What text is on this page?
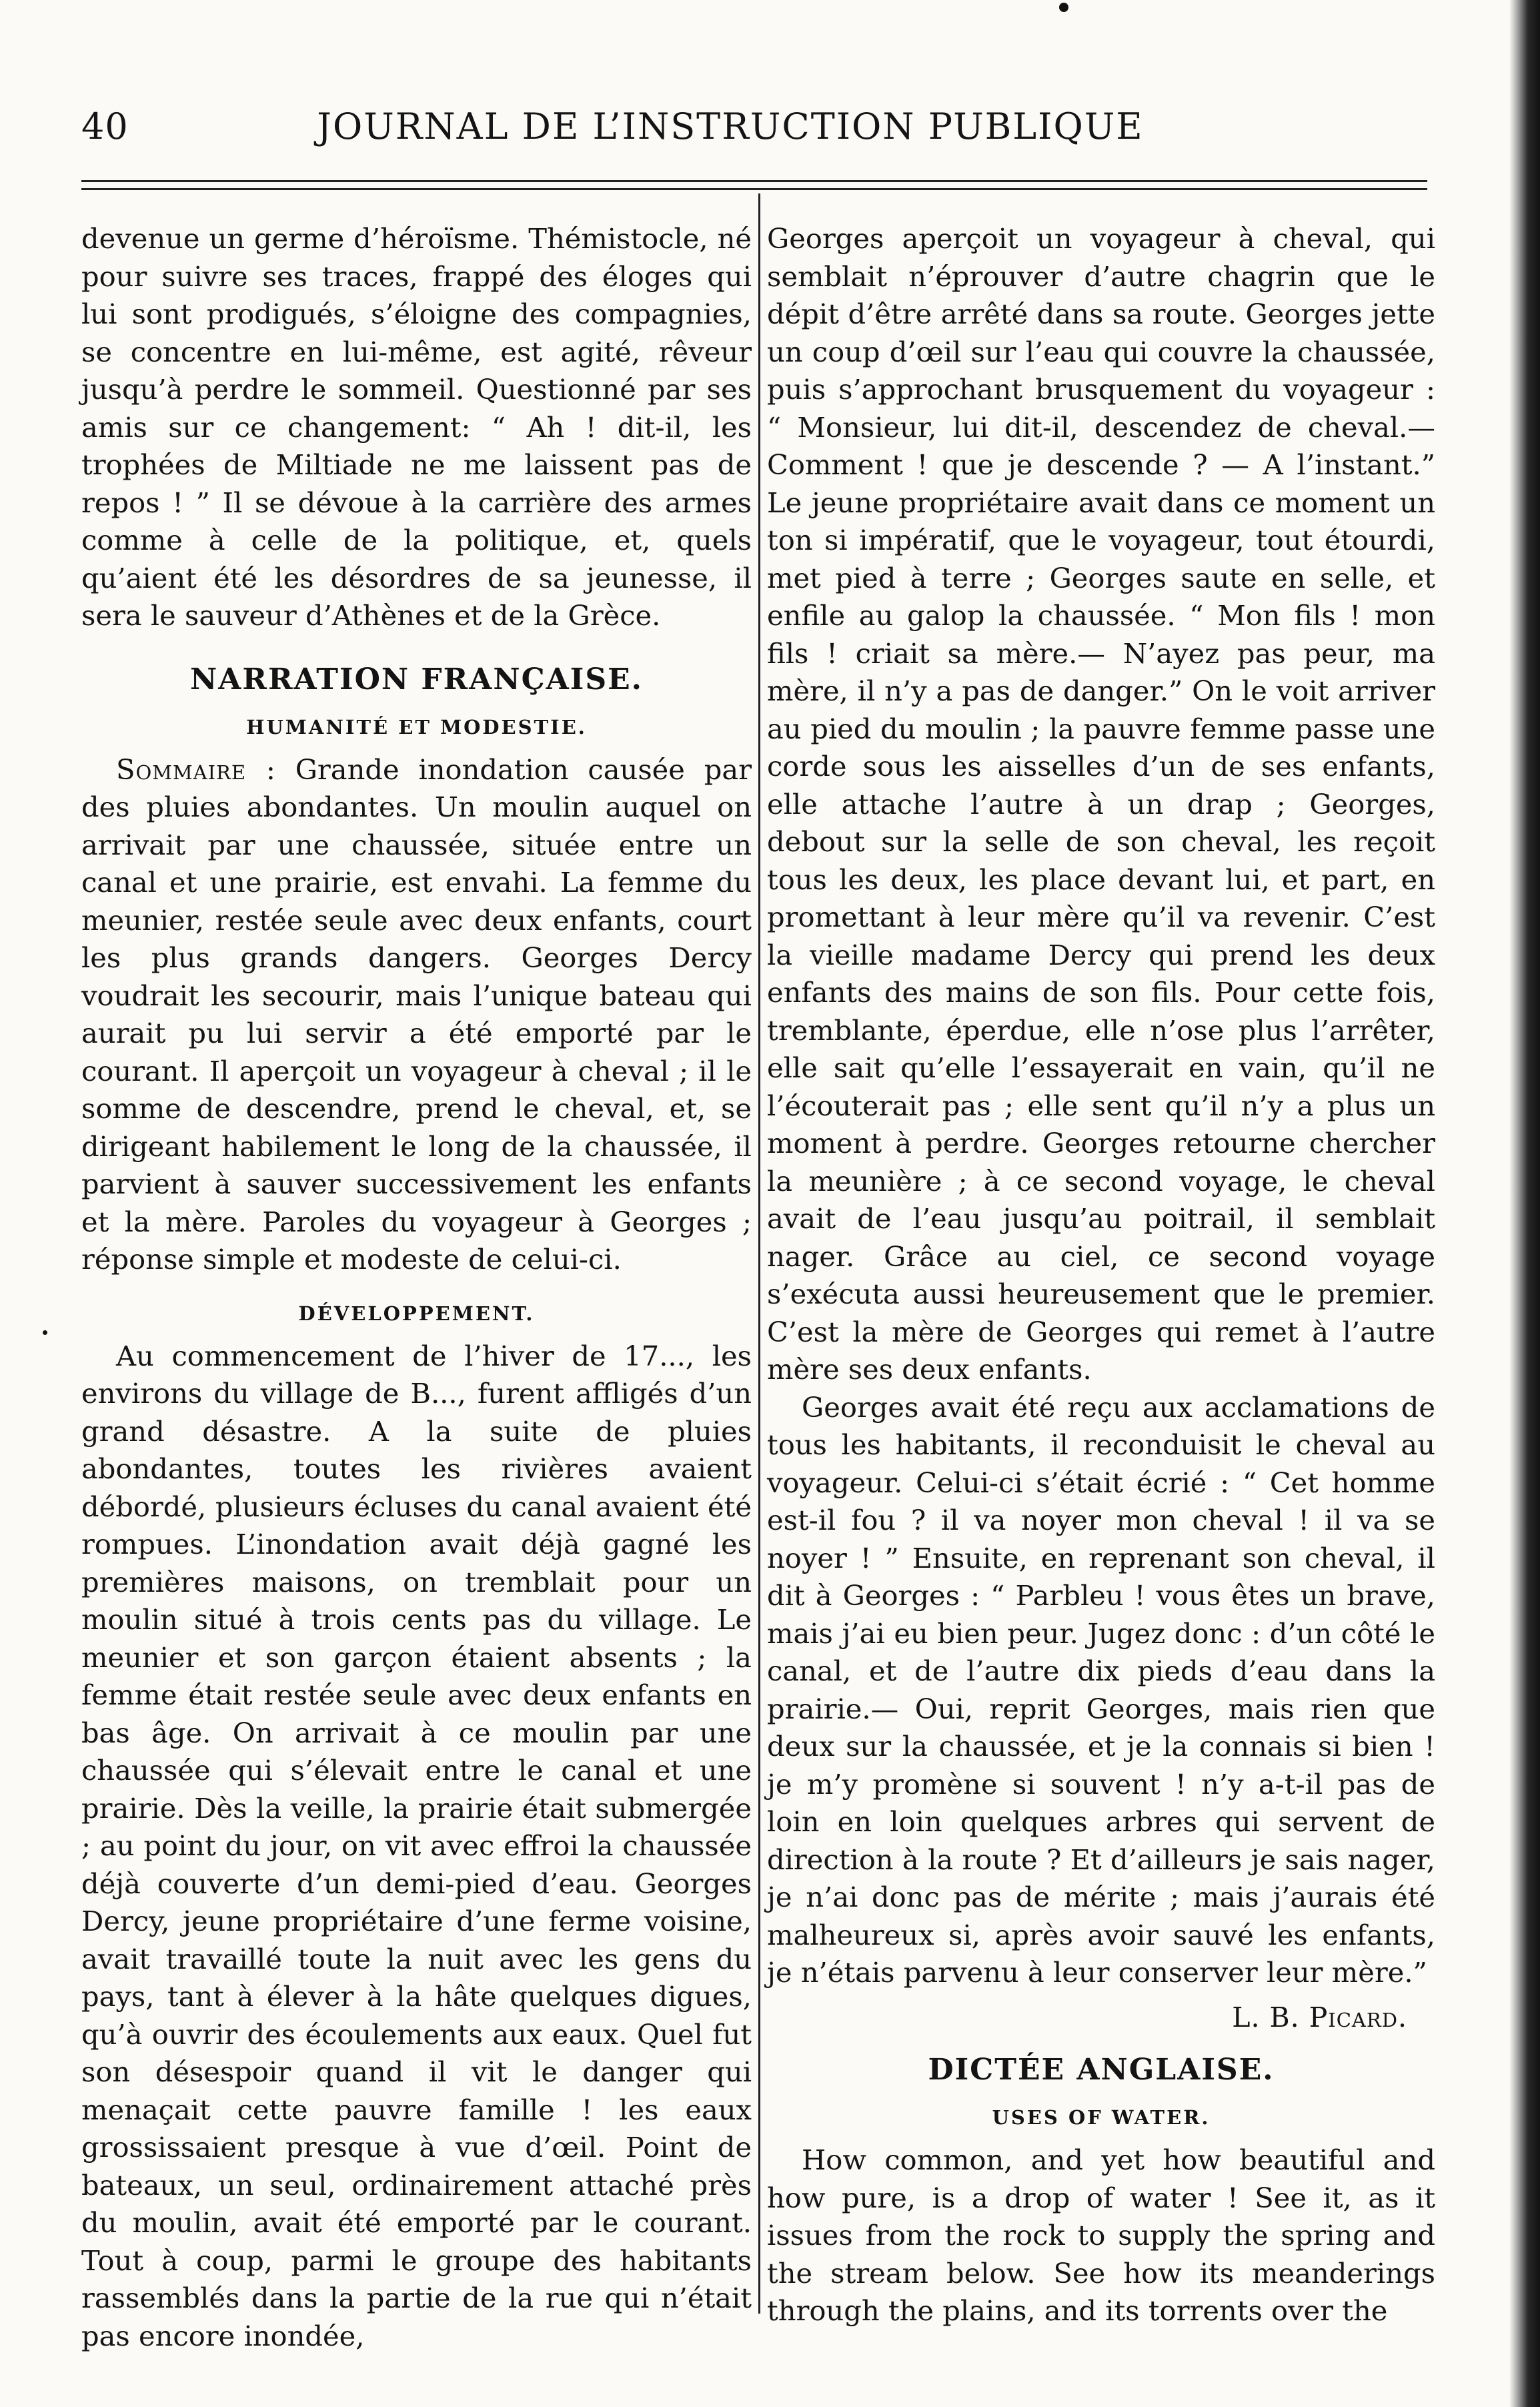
40	JOURNAL DE L’INSTRUCTION PUBLIQUE

devenue un germe d’héroïsme. Thémistocle, né pour suivre ses traces, frappé des éloges qui lui sont prodigués, s’éloigne des compagnies, se concentre en lui-même, est agité, rêveur jusqu’à perdre le sommeil. Questionné par ses amis sur ce changement: “ Ah ! dit-il, les trophées de Miltiade ne me laissent pas de repos ! ” Il se dévoue à la carrière des armes comme à celle de la politique, et, quels qu’aient été les désordres de sa jeunesse, il sera le sauveur d’Athènes et de la Grèce.

NARRATION FRANÇAISE.
HUMANITÉ ET MODESTIE.

Sommaire : Grande inondation causée par des pluies abondantes. Un moulin auquel on arrivait par une chaussée, située entre un canal et une prairie, est envahi. La femme du meunier, restée seule avec deux enfants, court les plus grands dangers. Georges Dercy voudrait les secourir, mais l’unique bateau qui aurait pu lui servir a été emporté par le courant. Il aperçoit un voyageur à cheval ; il le somme de descendre, prend le cheval, et, se dirigeant habilement le long de la chaussée, il parvient à sauver successivement les enfants et la mère. Paroles du voyageur à Georges ; réponse simple et modeste de celui-ci.

DÉVELOPPEMENT.

Au commencement de l’hiver de 17..., les environs du village de B..., furent affligés d’un grand désastre. A la suite de pluies abondantes, toutes les rivières avaient débordé, plusieurs écluses du canal avaient été rompues. L’inondation avait déjà gagné les premières maisons, on tremblait pour un moulin situé à trois cents pas du village. Le meunier et son garçon étaient absents ; la femme était restée seule avec deux enfants en bas âge. On arrivait à ce moulin par une chaussée qui s’élevait entre le canal et une prairie. Dès la veille, la prairie était submergée ; au point du jour, on vit avec effroi la chaussée déjà couverte d’un demi-pied d’eau. Georges Dercy, jeune propriétaire d’une ferme voisine, avait travaillé toute la nuit avec les gens du pays, tant à élever à la hâte quelques digues, qu’à ouvrir des écoulements aux eaux. Quel fut son désespoir quand il vit le danger qui menaçait cette pauvre famille ! les eaux grossissaient presque à vue d’œil. Point de bateaux, un seul, ordinairement attaché près du moulin, avait été emporté par le courant. Tout à coup, parmi le groupe des habitants rassemblés dans la partie de la rue qui n’était pas encore inondée,

Georges aperçoit un voyageur à cheval, qui semblait n’éprouver d’autre chagrin que le dépit d’être arrêté dans sa route. Georges jette un coup d’œil sur l’eau qui couvre la chaussée, puis s’approchant brusquement du voyageur : “ Monsieur, lui dit-il, descendez de cheval.— Comment ! que je descende ? — A l’instant.” Le jeune propriétaire avait dans ce moment un ton si impératif, que le voyageur, tout étourdi, met pied à terre ; Georges saute en selle, et enfile au galop la chaussée. “ Mon fils ! mon fils ! criait sa mère.— N’ayez pas peur, ma mère, il n’y a pas de danger.” On le voit arriver au pied du moulin ; la pauvre femme passe une corde sous les aisselles d’un de ses enfants, elle attache l’autre à un drap ; Georges, debout sur la selle de son cheval, les reçoit tous les deux, les place devant lui, et part, en promettant à leur mère qu’il va revenir. C’est la vieille madame Dercy qui prend les deux enfants des mains de son fils. Pour cette fois, tremblante, éperdue, elle n’ose plus l’arrêter, elle sait qu’elle l’essayerait en vain, qu’il ne l’écouterait pas ; elle sent qu’il n’y a plus un moment à perdre. Georges retourne chercher la meunière ; à ce second voyage, le cheval avait de l’eau jusqu’au poitrail, il semblait nager. Grâce au ciel, ce second voyage s’exécuta aussi heureusement que le premier. C’est la mère de Georges qui remet à l’autre mère ses deux enfants.

Georges avait été reçu aux acclamations de tous les habitants, il reconduisit le cheval au voyageur. Celui-ci s’était écrié : “ Cet homme est-il fou ? il va noyer mon cheval ! il va se noyer ! ” Ensuite, en reprenant son cheval, il dit à Georges : “ Parbleu ! vous êtes un brave, mais j’ai eu bien peur. Jugez donc : d’un côté le canal, et de l’autre dix pieds d’eau dans la prairie.— Oui, reprit Georges, mais rien que deux sur la chaussée, et je la connais si bien ! je m’y promène si souvent ! n’y a-t-il pas de loin en loin quelques arbres qui servent de direction à la route ? Et d’ailleurs je sais nager, je n’ai donc pas de mérite ; mais j’aurais été malheureux si, après avoir sauvé les enfants, je n’étais parvenu à leur conserver leur mère.”

L. B. Picard.

DICTÉE ANGLAISE.
USES OF WATER.

How common, and yet how beautiful and how pure, is a drop of water ! See it, as it issues from the rock to supply the spring and the stream below. See how its meanderings through the plains, and its torrents over the
